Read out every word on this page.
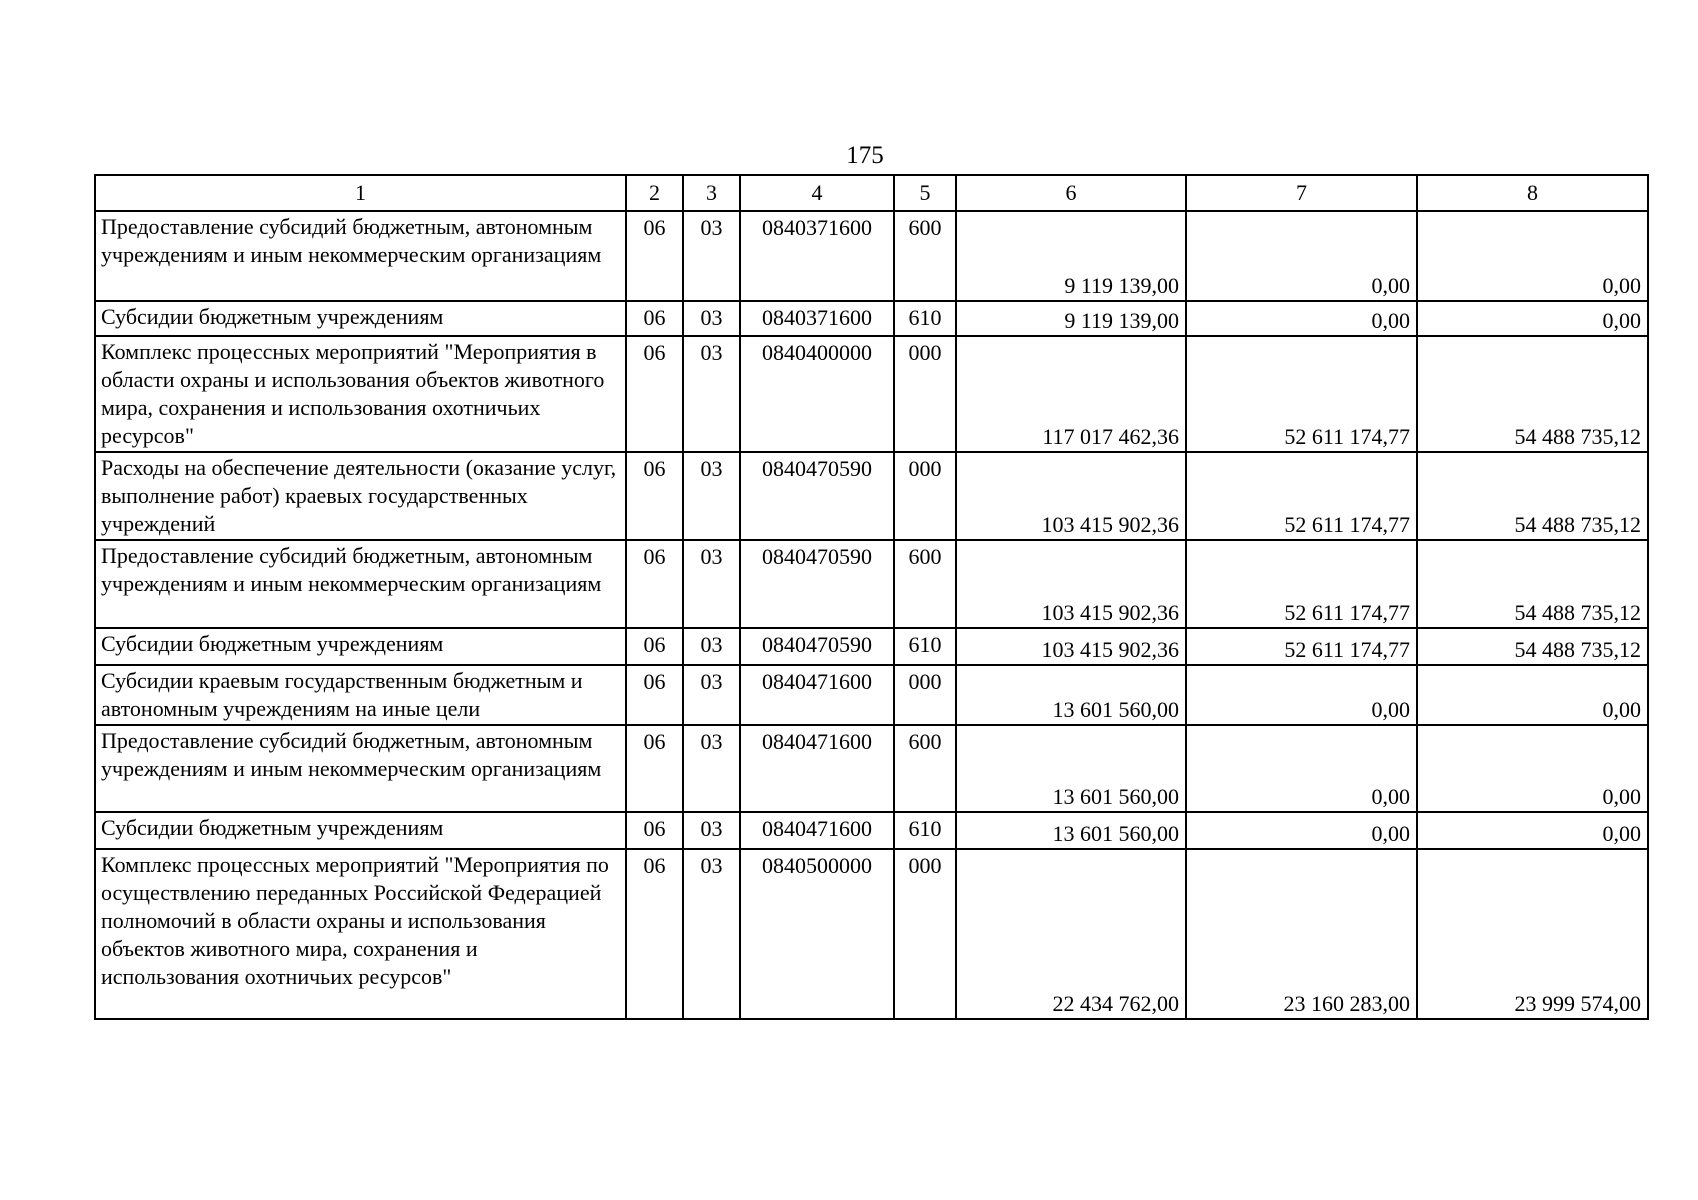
175
1	2	3	4	5	6	7	8
Предоставление субсидий бюджетным, автономным учреждениям и иным некоммерческим организациям	06	03	0840371600	600	9 119 139,00	0,00	0,00
Субсидии бюджетным учреждениям	06	03	0840371600	610	9 119 139,00	0,00	0,00
Комплекс процессных мероприятий "Мероприятия в области охраны и использования объектов животного мира, сохранения и использования охотничьих ресурсов"	06	03	0840400000	000	117 017 462,36	52 611 174,77	54 488 735,12
Расходы на обеспечение деятельности (оказание услуг, выполнение работ) краевых государственных учреждений	06	03	0840470590	000	103 415 902,36	52 611 174,77	54 488 735,12
Предоставление субсидий бюджетным, автономным учреждениям и иным некоммерческим организациям	06	03	0840470590	600	103 415 902,36	52 611 174,77	54 488 735,12
Субсидии бюджетным учреждениям	06	03	0840470590	610	103 415 902,36	52 611 174,77	54 488 735,12
Субсидии краевым государственным бюджетным и автономным учреждениям на иные цели	06	03	0840471600	000	13 601 560,00	0,00	0,00
Предоставление субсидий бюджетным, автономным учреждениям и иным некоммерческим организациям	06	03	0840471600	600	13 601 560,00	0,00	0,00
Субсидии бюджетным учреждениям	06	03	0840471600	610	13 601 560,00	0,00	0,00
Комплекс процессных мероприятий "Мероприятия по осуществлению переданных Российской Федерацией полномочий в области охраны и использования объектов животного мира, сохранения и использования охотничьих ресурсов"	06	03	0840500000	000	22 434 762,00	23 160 283,00	23 999 574,00
